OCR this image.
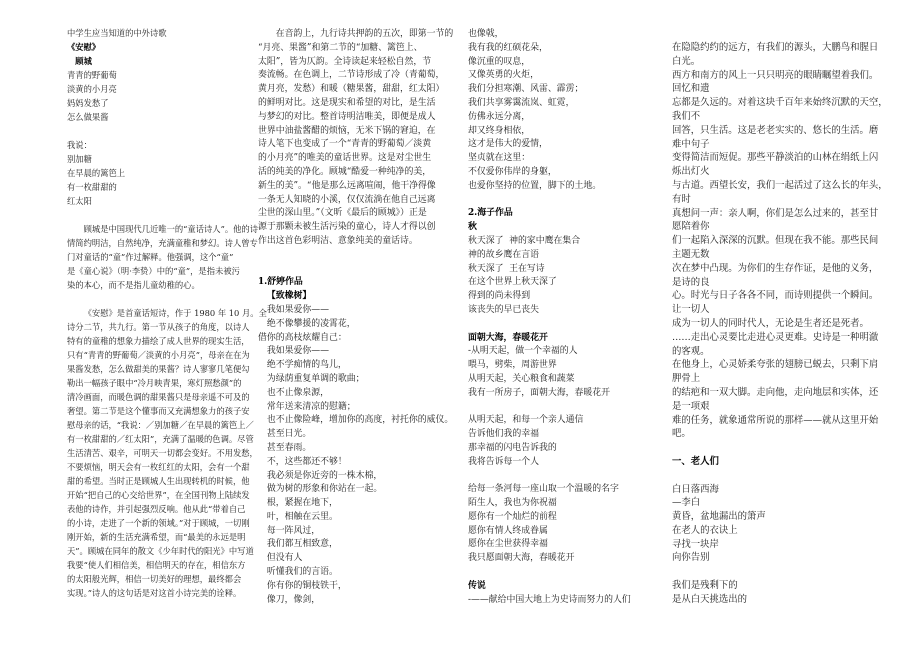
中学生应当知道的中外诗歌
《安慰》
顾城
青青的野葡萄
淡黄的小月亮
妈妈发愁了
怎么做果酱
我说：
别加糖
在早晨的篱笆上
有一枚甜甜的
红太阳
顾城是中国现代几近唯一的“童话诗人”。他的诗
情简约明洁，自然纯净，充满童稚和梦幻。诗人曾专
门对童话的“童”作过解释。他强调，这个“童”
是《童心说》（明·李贽）中的“童”，是指未被污
染的本心，而不是指儿童幼稚的心。
《安慰》是首童话短诗，作于 1980 年 10 月。全
诗分二节，共九行。第一节从孩子的角度，以诗人
特有的童稚的想象力描绘了成人世界的现实生活，
只有“青青的野葡萄／淡黄的小月亮”，母亲在在为
果酱发愁，怎么做甜美的果酱？诗人寥寥几笔便勾
勒出一幅孩子眼中“冷月映青果，寒灯照愁颜”的
清冷画面，而暖色调的甜果酱只是母亲遥不可及的
奢望。第二节是这个懂事而又充满想象力的孩子安
慰母亲的话，“我说：／别加糖／在早晨的篱笆上／
有一枚甜甜的／红太阳”，充满了温暖的色调。尽管
生活清苦、艰辛，可明天一切都会变好。不用发愁，
不要烦恼，明天会有一枚红红的太阳，会有一个甜
甜的希望。当时正是顾城人生出现转机的时候，他
开始“把自己的心交给世界”，在全国刊物上陆续发
表他的诗作，并引起强烈反响。他从此“带着自己
的小诗，走进了一个新的领域。”对于顾城，一切刚
刚开始，新的生活充满希望，而“最美的永远是明
天”。顾城在同年的散文《少年时代的阳光》中写道
我要“使人们相信美，相信明天的存在，相信东方
的太阳般光辉，相信一切美好的理想，最终都会
实现。”诗人的这句话是对这首小诗完美的诠释。
在音韵上，九行诗共押韵的五次，即第一节的
“月亮、果酱”和第二节的“加糖、篱笆上、
太阳”，皆为仄韵。全诗读起来轻松自然，节
奏流畅。在色调上，二节诗形成了冷（青葡萄，
黄月亮，发愁）和暖（糖果酱，甜甜，红太阳）
的鲜明对比。这是现实和希望的对比，是生活
与梦幻的对比。整首诗明洁唯美，即便是成人
世界中油盐酱醋的烦恼，无米下锅的窘迫，在
诗人笔下也变成了一个“青青的野葡萄／淡黄
的小月亮”的唯美的童话世界。这是对尘世生
活的纯美的净化。顾城“酷爱一种纯净的美，
新生的美”。“他是那么远离喧闹，他干净得像
一条无人知晓的小溪，仅仅流淌在他自己远离
尘世的深山里。”（文昕《最后的顾城》）正是
源于那颗未被生活污染的童心，诗人才得以创
作出这首色彩明洁、意象纯美的童话诗。
1.舒婷作品
【致橡树】
我如果爱你——
绝不像攀援的凌霄花，
借你的高枝炫耀自己：
我如果爱你——
绝不学痴情的鸟儿，
为绿荫重复单调的歌曲；
也不止像泉源，
常年送来清凉的慰籍；
也不止像险峰，增加你的高度，衬托你的威仪。
甚至日光。
甚至春雨。
不，这些都还不够！
我必须是你近旁的一株木棉，
做为树的形象和你站在一起。
根，紧握在地下，
叶，相触在云里。
每一阵风过，
我们都互相致意，
但没有人
听懂我们的言语。
你有你的铜枝铁干，
像刀，像剑，
也像戟，
我有我的红硕花朵，
像沉重的叹息，
又像英勇的火炬，
我们分担寒潮、风雷、霹雳；
我们共享雾霭流岚、虹霓，
仿佛永远分离，
却又终身相依，
这才是伟大的爱情，
坚贞就在这里：
不仅爱你伟岸的身躯，
也爱你坚持的位置，脚下的土地。
2.海子作品
秋
秋天深了  神的家中鹰在集合
神的故乡鹰在言语
秋天深了  王在写诗
在这个世界上秋天深了
得到的尚未得到
该丧失的早已丧失
面朝大海，春暖花开
-从明天起，做一个幸福的人
喂马，劈柴，周游世界
从明天起，关心粮食和蔬菜
我有一所房子，面朝大海，春暖花开
从明天起，和每一个亲人通信
告诉他们我的幸福
那幸福的闪电告诉我的
我将告诉每一个人
给每一条河每一座山取一个温暖的名字
陌生人，我也为你祝福
愿你有一个灿烂的前程
愿你有情人终成眷属
愿你在尘世获得幸福
我只愿面朝大海，春暖花开
传说
-——献给中国大地上为史诗而努力的人们
在隐隐约约的远方，有我们的源头，大鹏鸟和腥日
白光。
西方和南方的风上一只只明亮的眼睛瞩望着我们。
回忆和遗
忘都是久远的。对着这块千百年来始终沉默的天空，
我们不
回答，只生活。这是老老实实的、悠长的生活。磨
难中句子
变得简洁而短促。那些平静淡泊的山林在绢纸上闪
烁出灯火
与古道。西望长安，我们一起活过了这么长的年头，
有时
真想问一声：亲人啊，你们是怎么过来的，甚至甘
愿陪着你
们一起陷入深深的沉默。但现在我不能。那些民间
主题无数
次在梦中凸现。为你们的生存作证，是他的义务，
是诗的良
心。时光与日子各各不同，而诗则提供一个瞬间。
让一切人
成为一切人的同时代人，无论是生者还是死者。
……走出心灵要比走进心灵更难。史诗是一种明澈
的客观。
在他身上，心灵娇柔夸张的翅膀已蜕去，只剩下肩
胛骨上
的结疤和一双大脚。走向他，走向地层和实体，还
是一项艰
难的任务，就象通常所说的那样——就从这里开始
吧。
一、老人们
白日落西海
—李白
黄昏，盆地漏出的箫声
在老人的衣诀上
寻找一块岸
向你告别
我们是残剩下的
是从白天挑选出的
